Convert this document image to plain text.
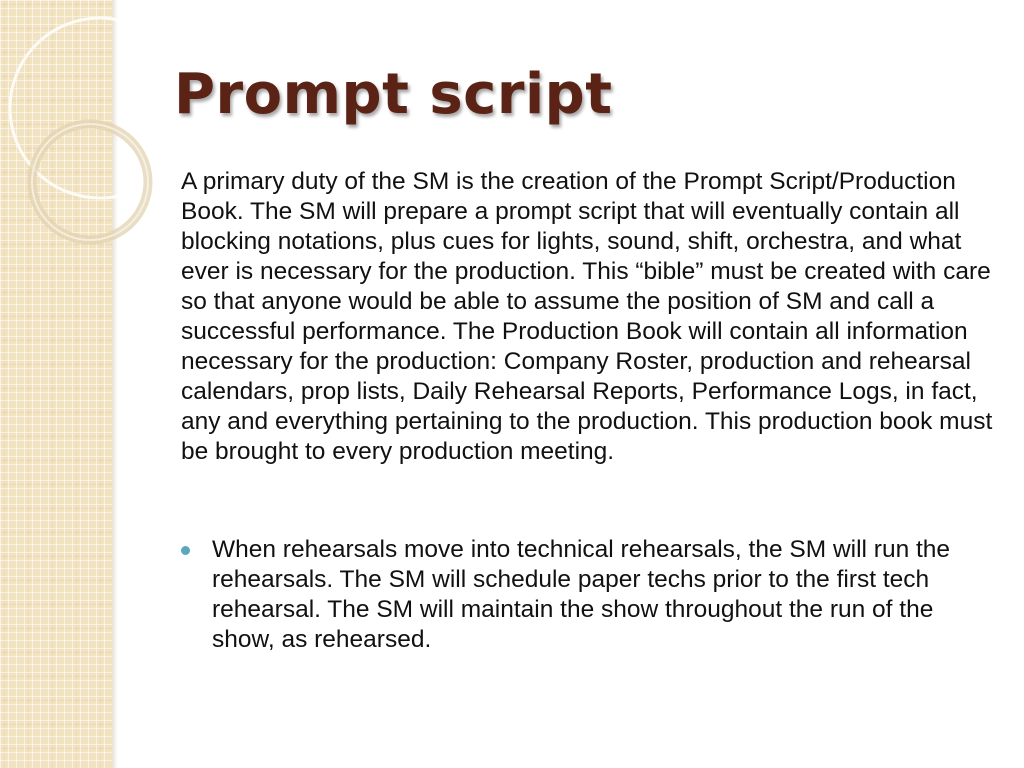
Prompt script
A primary duty of the SM is the creation of the Prompt Script/Production Book. The SM will prepare a prompt script that will eventually contain all blocking notations, plus cues for lights, sound, shift, orchestra, and what ever is necessary for the production. This “bible” must be created with care so that anyone would be able to assume the position of SM and call a successful performance. The Production Book will contain all information necessary for the production: Company Roster, production and rehearsal calendars, prop lists, Daily Rehearsal Reports, Performance Logs, in fact, any and everything pertaining to the production. This production book must be brought to every production meeting.
When rehearsals move into technical rehearsals, the SM will run the rehearsals. The SM will schedule paper techs prior to the first tech rehearsal. The SM will maintain the show throughout the run of the show, as rehearsed.
